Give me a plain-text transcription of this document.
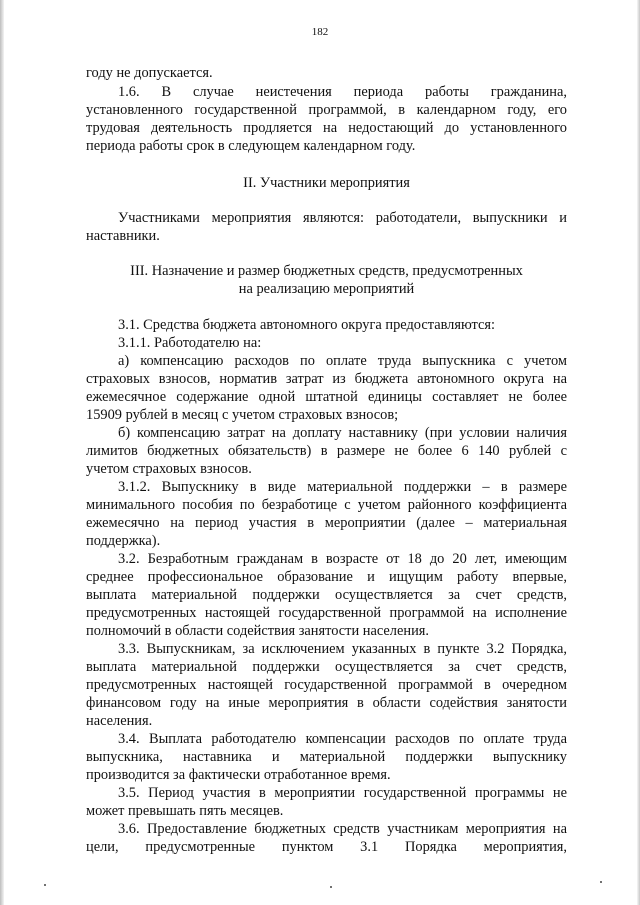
182
году не допускается.
1.6. В случае неистечения периода работы гражданина,
установленного государственной программой, в календарном году, его
трудовая деятельность продляется на недостающий до установленного
периода работы срок в следующем календарном году.
II. Участники мероприятия
Участниками мероприятия являются: работодатели, выпускники и
наставники.
III. Назначение и размер бюджетных средств, предусмотренных
на реализацию мероприятий
3.1. Средства бюджета автономного округа предоставляются:
3.1.1. Работодателю на:
а) компенсацию расходов по оплате труда выпускника с учетом
страховых взносов, норматив затрат из бюджета автономного округа на
ежемесячное содержание одной штатной единицы составляет не более
15909 рублей в месяц с учетом страховых взносов;
б) компенсацию затрат на доплату наставнику (при условии наличия
лимитов бюджетных обязательств) в размере не более 6 140 рублей с
учетом страховых взносов.
3.1.2. Выпускнику в виде материальной поддержки – в размере
минимального пособия по безработице с учетом районного коэффициента
ежемесячно на период участия в мероприятии (далее – материальная
поддержка).
3.2. Безработным гражданам в возрасте от 18 до 20 лет, имеющим
среднее профессиональное образование и ищущим работу впервые,
выплата материальной поддержки осуществляется за счет средств,
предусмотренных настоящей государственной программой на исполнение
полномочий в области содействия занятости населения.
3.3. Выпускникам, за исключением указанных в пункте 3.2 Порядка,
выплата материальной поддержки осуществляется за счет средств,
предусмотренных настоящей государственной программой в очередном
финансовом году на иные мероприятия в области содействия занятости
населения.
3.4. Выплата работодателю компенсации расходов по оплате труда
выпускника, наставника и материальной поддержки выпускнику
производится за фактически отработанное время.
3.5. Период участия в мероприятии государственной программы не
может превышать пять месяцев.
3.6. Предоставление бюджетных средств участникам мероприятия на
цели, предусмотренные пунктом 3.1 Порядка мероприятия,
